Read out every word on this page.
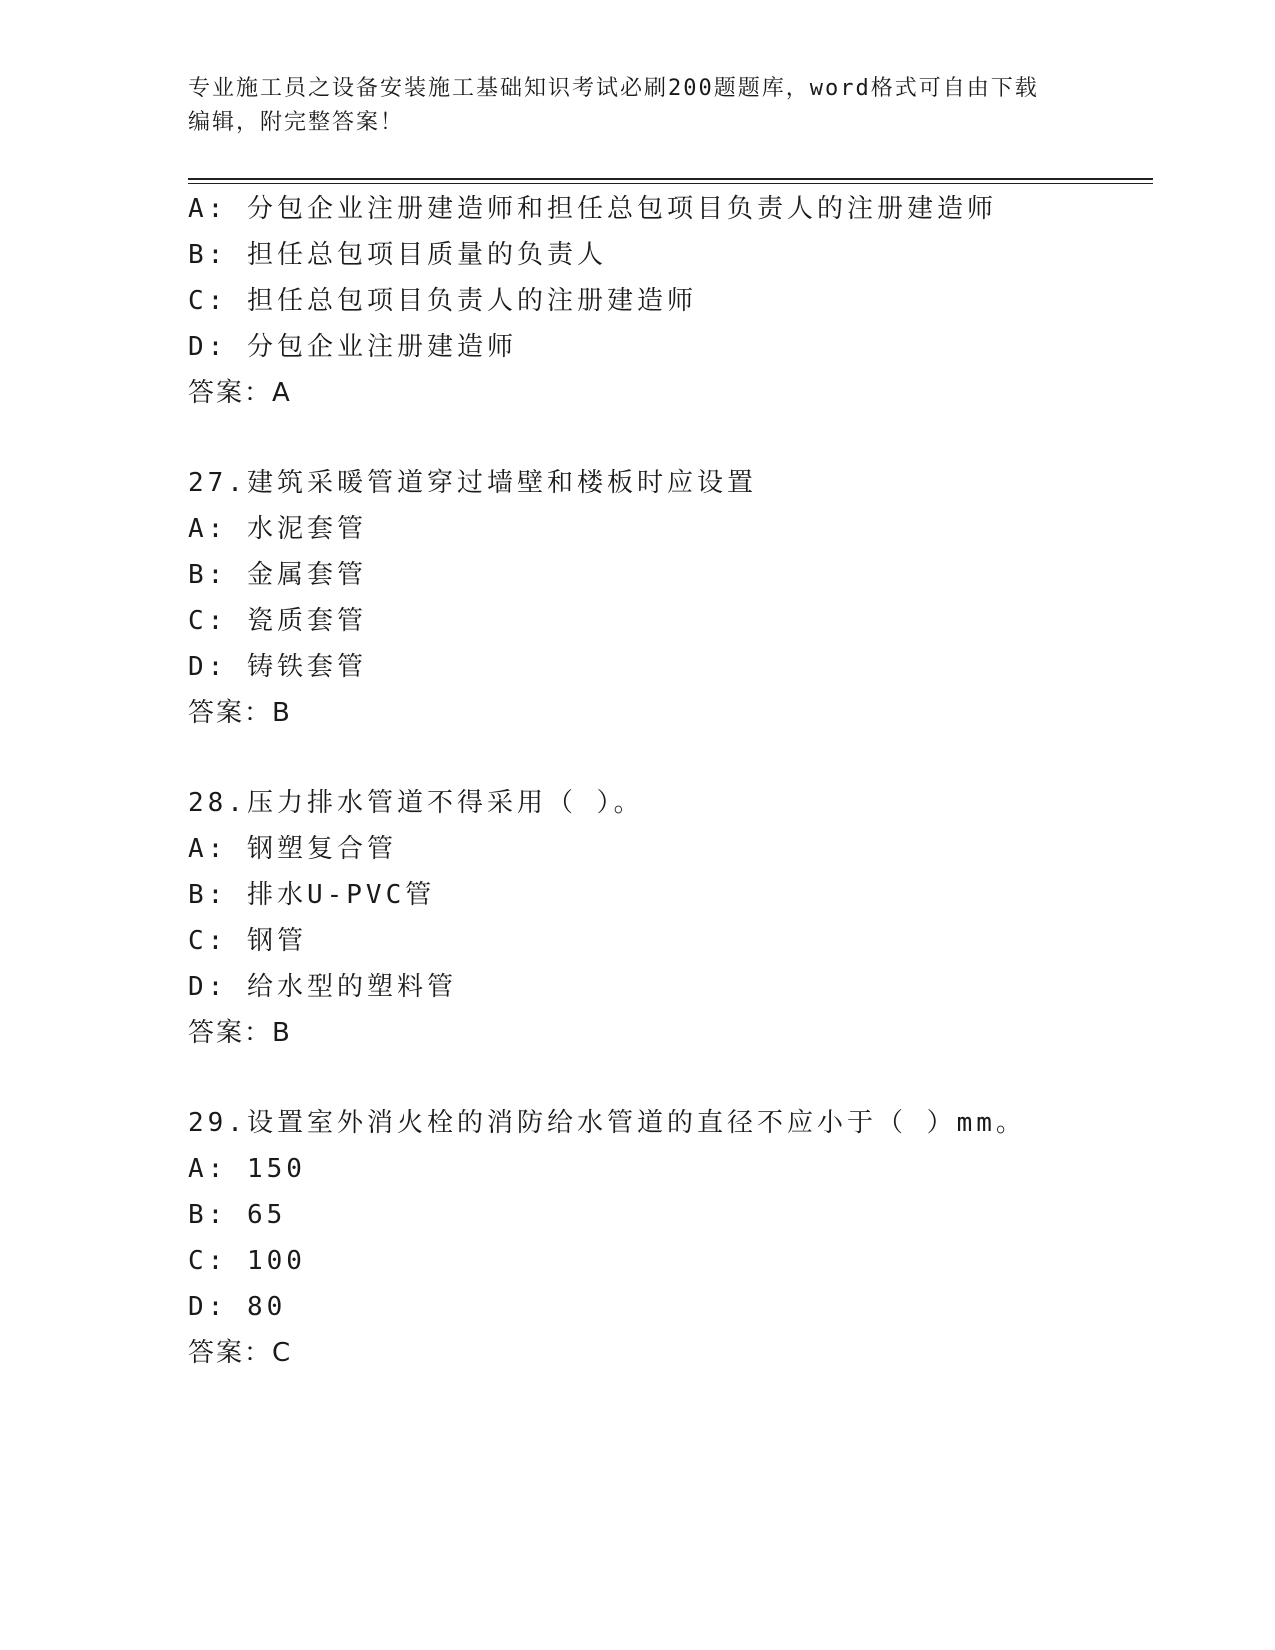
专业施工员之设备安装施工基础知识考试必刷200题题库，word格式可自由下载
编辑，附完整答案！
A: 分包企业注册建造师和担任总包项目负责人的注册建造师
B: 担任总包项目质量的负责人
C: 担任总包项目负责人的注册建造师
D: 分包企业注册建造师
答案：A
27.建筑采暖管道穿过墙壁和楼板时应设置
A: 水泥套管
B: 金属套管
C: 瓷质套管
D: 铸铁套管
答案：B
28.压力排水管道不得采用（ ）。
A: 钢塑复合管
B: 排水U-PVC管
C: 钢管
D: 给水型的塑料管
答案：B
29.设置室外消火栓的消防给水管道的直径不应小于（ ）mm。
A: 150
B: 65
C: 100
D: 80
答案：C
